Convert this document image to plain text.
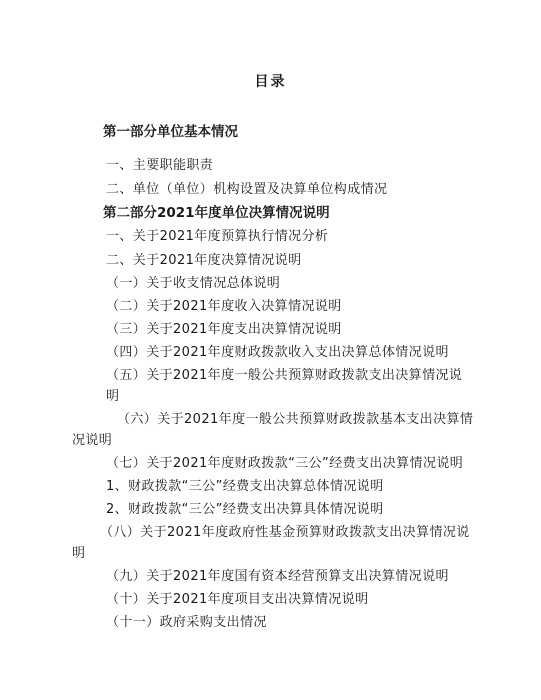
目录
第一部分单位基本情况
一、主要职能职责
二、单位（单位）机构设置及决算单位构成情况
第二部分2021年度单位决算情况说明
一、关于2021年度预算执行情况分析
二、关于2021年度决算情况说明
（一）关于收支情况总体说明
（二）关于2021年度收入决算情况说明
（三）关于2021年度支出决算情况说明
（四）关于2021年度财政拨款收入支出决算总体情况说明
（五）关于2021年度一般公共预算财政拨款支出决算情况说
明
（六）关于2021年度一般公共预算财政拨款基本支出决算情
况说明
（七）关于2021年度财政拨款“三公”经费支出决算情况说明
1、财政拨款“三公”经费支出决算总体情况说明
2、财政拨款“三公”经费支出决算具体情况说明
（八）关于2021年度政府性基金预算财政拨款支出决算情况说
明
（九）关于2021年度国有资本经营预算支出决算情况说明
（十）关于2021年度项目支出决算情况说明
（十一）政府采购支出情况
